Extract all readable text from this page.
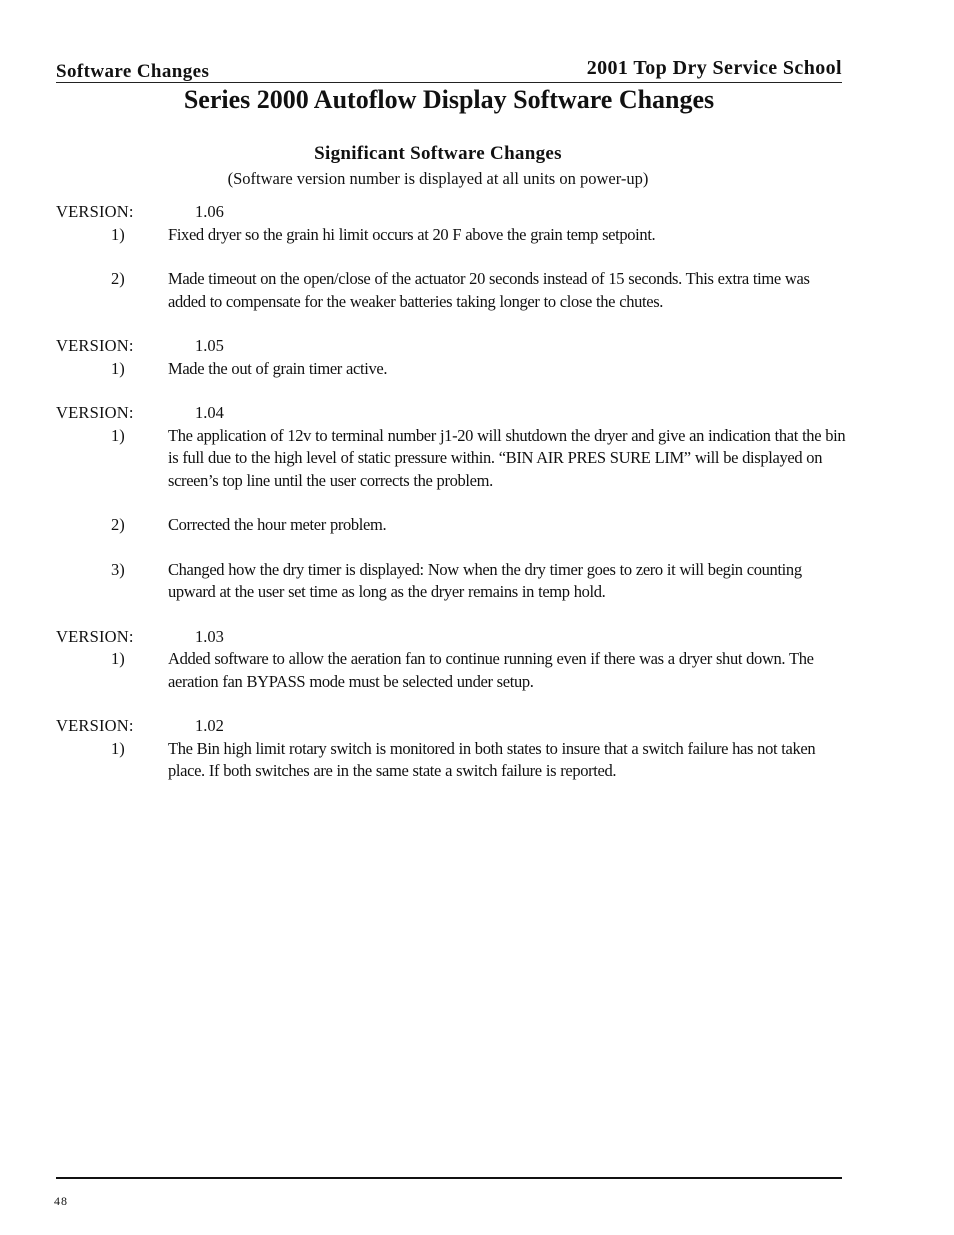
Software Changes	2001 Top Dry Service School
Series 2000 Autoflow Display Software Changes
Significant Software Changes

(Software version number is displayed at all units on power-up)

VERSION:	1.06
1)	Fixed dryer so the grain hi limit occurs at 20 F above the grain temp setpoint.
2)	Made timeout on the open/close of the actuator 20 seconds instead of 15 seconds. This extra time was added to compensate for the weaker batteries taking longer to close the chutes.
VERSION:	1.05
1)	Made the out of grain timer active.
VERSION:	1.04
1)	The application of 12v to terminal number j1-20 will shutdown the dryer and give an indication that the bin is full due to the high level of static pressure within. “BIN AIR PRES SURE LIM” will be displayed on screen’s top line until the user corrects the problem.
2)	Corrected the hour meter problem.
3)	Changed how the dry timer is displayed: Now when the dry timer goes to zero it will begin counting upward at the user set time as long as the dryer remains in temp hold.
VERSION:	1.03
1)	Added software to allow the aeration fan to continue running even if there was a dryer shut down. The aeration fan BYPASS mode must be selected under setup.
VERSION:	1.02
1)	The Bin high limit rotary switch is monitored in both states to insure that a switch failure has not taken place. If both switches are in the same state a switch failure is reported.
48
